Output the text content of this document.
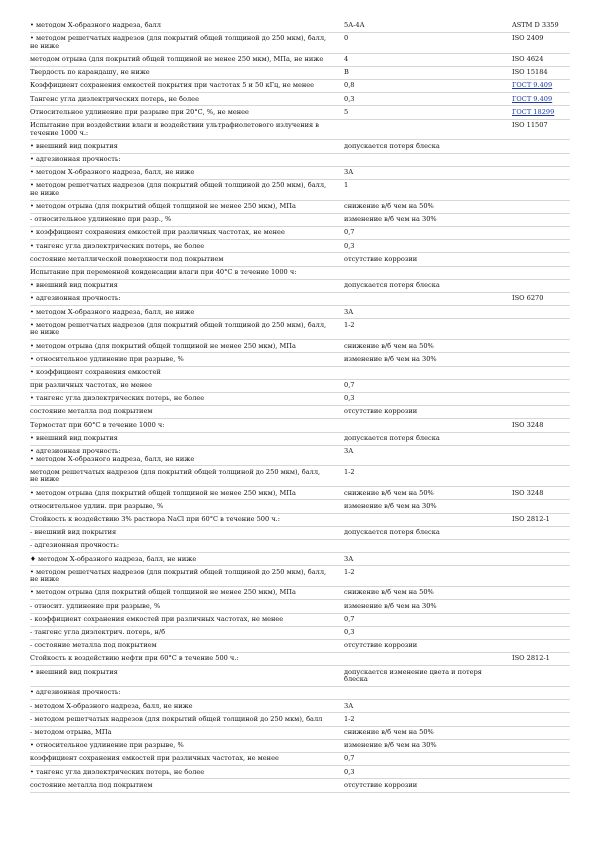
• методом Х-образного надреза, балл	5А-4А	ASTM D 3359
• методом решетчатых надрезов (для покрытий общей толщиной до 250 мкм), балл, не ниже	0	ISO 2409
методом отрыва (для покрытий общей толщиной не менее 250 мкм), МПа, не ниже	4	ISO 4624
Твердость по карандашу, не ниже	В	ISO 15184
Коэффициент сохранения емкостей покрытия при частотах 5 и 50 кГц, не менее	0,8	ГОСТ 9.409
Тангенс угла диэлектрических потерь, не более	0,3	ГОСТ 9.409
Относительное удлинение при разрыве при 20°С, %, не менее	5	ГОСТ 18299
Испытание при воздействии влаги и воздействии ультрафиолетового излучения в течение 1000 ч.:		ISO 11507
• внешний вид покрытия	допускается потеря блеска	
• адгезионная прочность:		
• методом Х-образного надреза, балл, не ниже	3А	
• методом решетчатых надрезов (для покрытий общей толщиной до 250 мкм), балл, не ниже	1	
• методом отрыва (для покрытий общей толщиной не менее 250 мкм), МПа	снижение в/б чем на 50%	
- относительное удлинение при разр., %	изменение в/б чем на 30%	
• коэффициент сохранения емкостей при различных частотах, не менее	0,7	
• тангенс угла диэлектрических потерь, не более	0,3	
состояние металлической поверхности под покрытием	отсутствие коррозии	
Испытание при переменной конденсации влаги при 40°С в течение 1000 ч:		
• внешний вид покрытия	допускается потеря блеска	
• адгезионная прочность:		ISO 6270
• методом Х-образного надреза, балл, не ниже	3А	
• методом решетчатых надрезов (для покрытий общей толщиной до 250 мкм), балл, не ниже	1-2	
• методом отрыва (для покрытий общей толщиной не менее 250 мкм), МПа	снижение в/б чем на 50%	
• относительное удлинение при разрыве, %	изменение в/б чем на 30%	
• коэффициент сохранения емкостей		
при различных частотах, не менее	0,7	
• тангенс угла диэлектрических потерь, не более	0,3	
состояние металла под покрытием	отсутствие коррозии	
Термостат при 60°С в течение 1000 ч:		ISO 3248
• внешний вид покрытия	допускается потеря блеска	
• адгезионная прочность:
• методом Х-образного надреза, балл, не ниже	3А	
методом решетчатых надрезов (для покрытий общей толщиной до 250 мкм), балл, не ниже	1-2	
• методом отрыва (для покрытий общей толщиной не менее 250 мкм), МПа	снижение в/б чем на 50%	ISO 3248
относительное удлин. при разрыве, %	изменение в/б чем на 30%	
Стойкость к воздействию 3% раствора NaCl при 60°С в течение 500 ч.:		ISO 2812-1
- внешний вид покрытия	допускается потеря блеска	
- адгезионная прочность:		
♦ методом Х-образного надреза, балл, не ниже	3А	
• методом решетчатых надрезов (для покрытий общей толщиной до 250 мкм), балл, не ниже	1-2	
• методом отрыва (для покрытий общей толщиной не менее 250 мкм), МПа	снижение в/б чем на 50%	
- относит. удлинение при разрыве, %	изменение в/б чем на 30%	
- коэффициент сохранения емкостей при различных частотах, не менее	0,7	
- тангенс угла диэлектрич. потерь, н/б	0,3	
- состояние металла под покрытием	отсутствие коррозии	
Стойкость к воздействию нефти при 60°С в течение 500 ч.:		ISO 2812-1
• внешний вид покрытия	допускается изменение цвета и потеря блеска	
• адгезионная прочность:		
- методом Х-образного надреза, балл, не ниже	3А	
- методом решетчатых надрезов (для покрытий общей толщиной до 250 мкм), балл	1-2	
- методом отрыва, МПа	снижение в/б чем на 50%	
• относительное удлинение при разрыве, %	изменение в/б чем на 30%	
коэффициент сохранения емкостей при различных частотах, не менее	0,7	
• тангенс угла диэлектрических потерь, не более	0,3	
состояние металла под покрытием	отсутствие коррозии	
